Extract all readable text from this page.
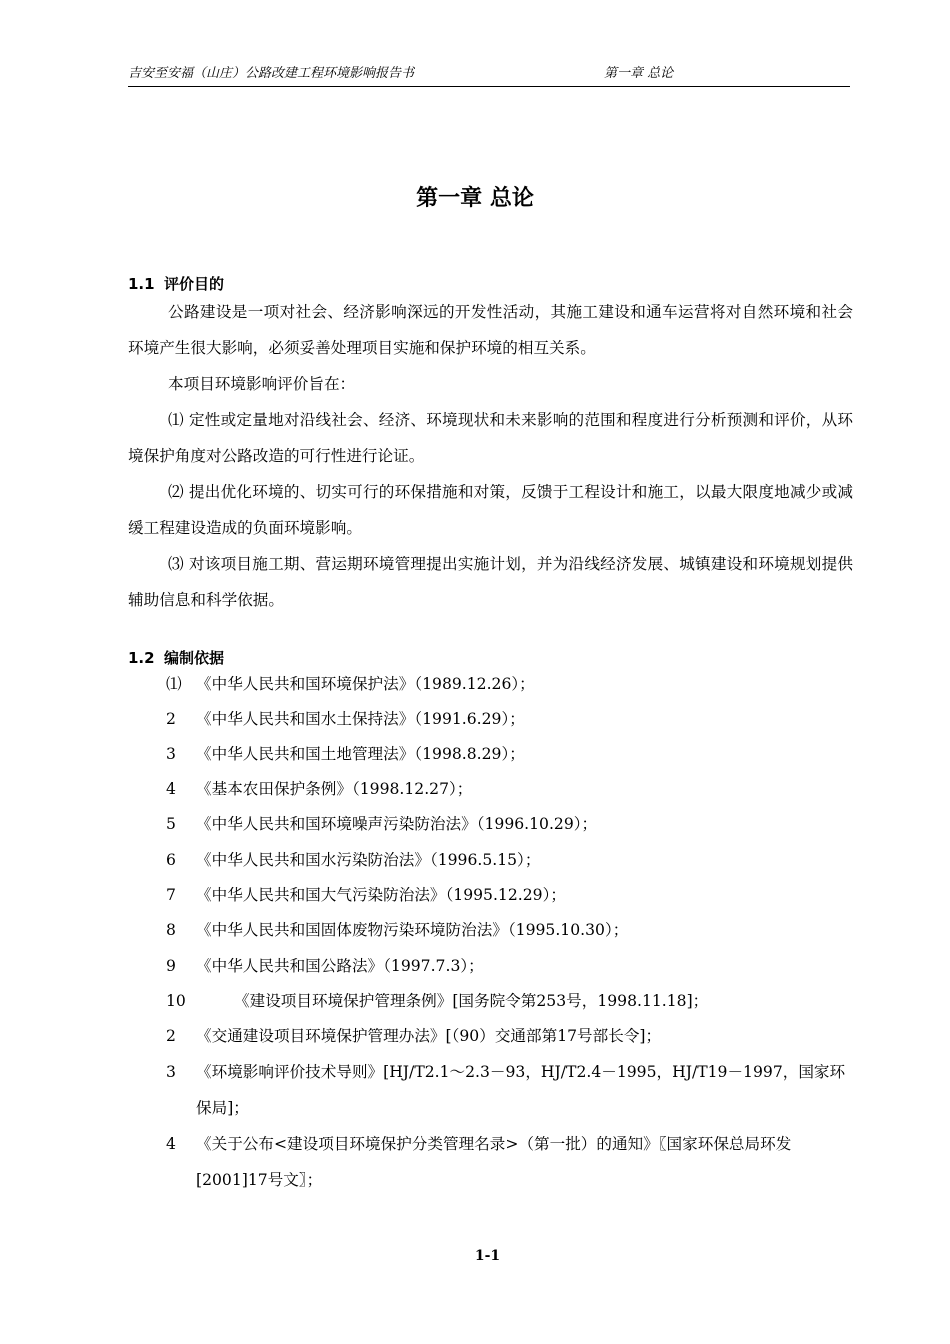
吉安至安福（山庄）公路改建工程环境影响报告书	第一章 总论
第一章 总论
1.1 评价目的
公路建设是一项对社会、经济影响深远的开发性活动，其施工建设和通车运营将对自然环境和社会环境产生很大影响，必须妥善处理项目实施和保护环境的相互关系。
本项目环境影响评价旨在：
⑴ 定性或定量地对沿线社会、经济、环境现状和未来影响的范围和程度进行分析预测和评价，从环境保护角度对公路改造的可行性进行论证。
⑵ 提出优化环境的、切实可行的环保措施和对策，反馈于工程设计和施工，以最大限度地减少或减缓工程建设造成的负面环境影响。
⑶ 对该项目施工期、营运期环境管理提出实施计划，并为沿线经济发展、城镇建设和环境规划提供辅助信息和科学依据。
1.2 编制依据
⑴ 《中华人民共和国环境保护法》（1989.12.26）；
2 《中华人民共和国水土保持法》（1991.6.29）；
3 《中华人民共和国土地管理法》（1998.8.29）；
4 《基本农田保护条例》（1998.12.27）；
5 《中华人民共和国环境噪声污染防治法》（1996.10.29）；
6 《中华人民共和国水污染防治法》（1996.5.15）；
7 《中华人民共和国大气污染防治法》（1995.12.29）；
8 《中华人民共和国固体废物污染环境防治法》（1995.10.30）；
9 《中华人民共和国公路法》（1997.7.3）；
10	《建设项目环境保护管理条例》[国务院令第253号，1998.11.18]；
2 《交通建设项目环境保护管理办法》[（90）交通部第17号部长令]；
3 《环境影响评价技术导则》[HJ/T2.1～2.3－93，HJ/T2.4－1995，HJ/T19－1997，国家环保局]；
4 《关于公布<建设项目环境保护分类管理名录>（第一批）的通知》〖国家环保总局环发[2001]17号文〗；
1-1
